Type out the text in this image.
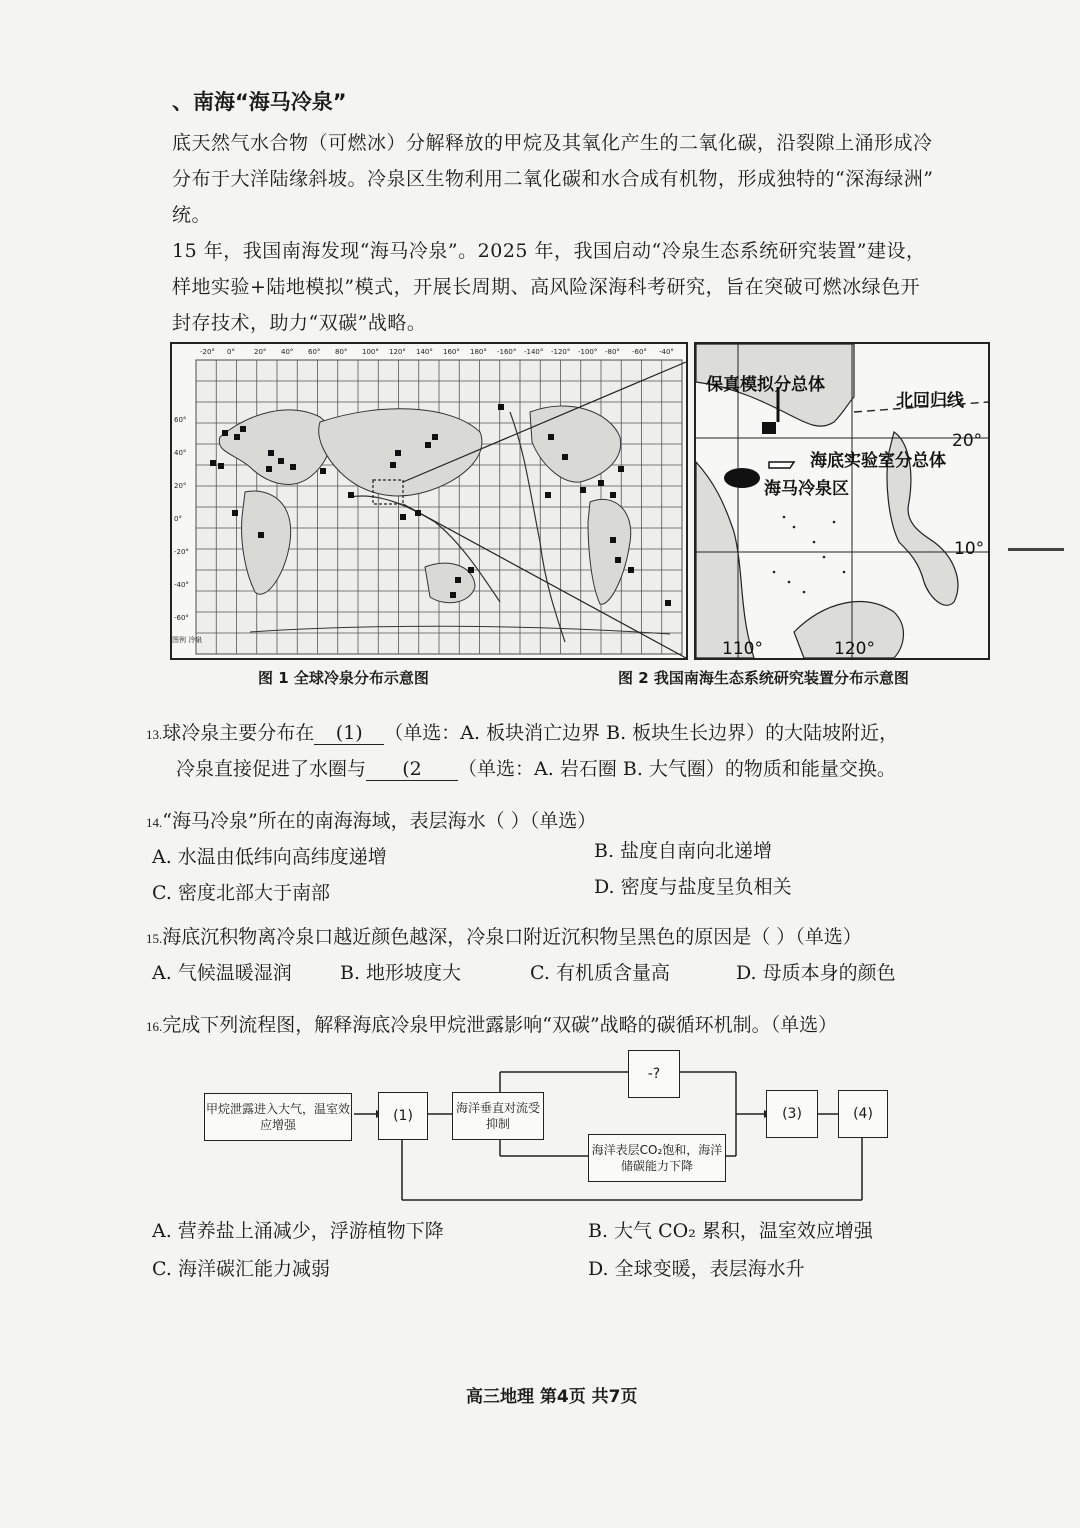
、南海“海马冷泉”
底天然气水合物（可燃冰）分解释放的甲烷及其氧化产生的二氧化碳，沿裂隙上涌形成冷
分布于大洋陆缘斜坡。冷泉区生物利用二氧化碳和水合成有机物，形成独特的“深海绿洲”
统。
15 年，我国南海发现“海马冷泉”。2025 年，我国启动“冷泉生态系统研究装置”建设，
样地实验+陆地模拟”模式，开展长周期、高风险深海科考研究，旨在突破可燃冰绿色开
封存技术，助力“双碳”战略。
-20° 0°	20° 40° 60° 80° 100° 120° 140° 160° 180° -160° -140° -120° -100° -80° -60° -40°
60°
40°
20°
0°
-20°
-40°
-60°
图例 冷泉
保真模拟分总体
北回归线
20°
海底实验室分总体
海马冷泉区
10°
110°	120°
图 1 全球冷泉分布示意图	图 2 我国南海生态系统研究装置分布示意图
13.球冷泉主要分布在 (1) （单选：A. 板块消亡边界 B. 板块生长边界）的大陆坡附近，
冷泉直接促进了水圈与 (2 （单选：A. 岩石圈 B. 大气圈）的物质和能量交换。
14.“海马冷泉”所在的南海海域，表层海水（ ）（单选）
A. 水温由低纬向高纬度递增	B. 盐度自南向北递增
C. 密度北部大于南部	D. 密度与盐度呈负相关
15.海底沉积物离冷泉口越近颜色越深，冷泉口附近沉积物呈黑色的原因是（ ）（单选）
A. 气候温暖湿润	B. 地形坡度大	C. 有机质含量高	D. 母质本身的颜色
16.完成下列流程图，解释海底冷泉甲烷泄露影响“双碳”战略的碳循环机制。（单选）
甲烷泄露进入大气，温室效应增强
(1)	海洋垂直对流受抑制
-?
海洋表层CO₂饱和，海洋储碳能力下降
(3)	(4)
A. 营养盐上涌减少，浮游植物下降	B. 大气 CO₂ 累积，温室效应增强
C. 海洋碳汇能力减弱	D. 全球变暖，表层海水升
高三地理 第4页 共7页
